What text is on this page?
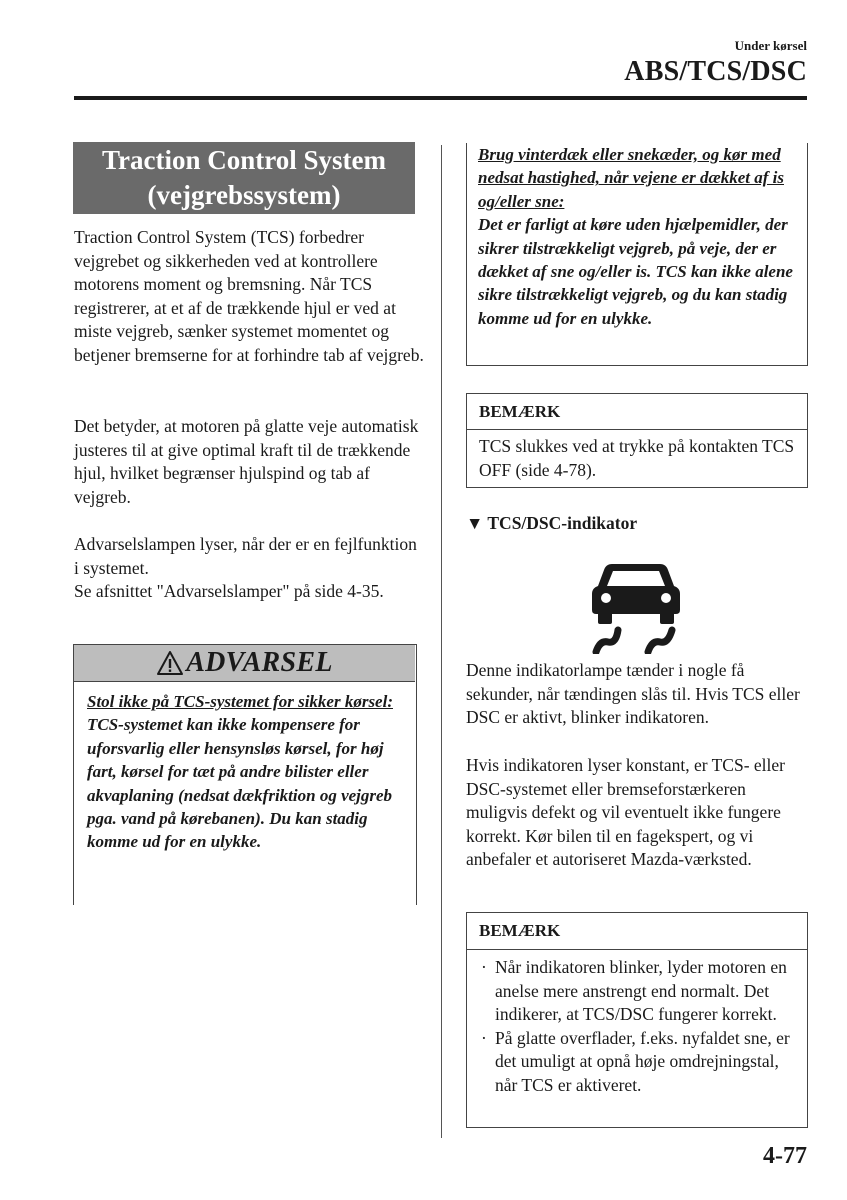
Under kørsel
ABS/TCS/DSC
Traction Control System
(vejgrebssystem)
Traction Control System (TCS) forbedrer vejgrebet og sikkerheden ved at kontrollere motorens moment og bremsning. Når TCS registrerer, at et af de trækkende hjul er ved at miste vejgreb, sænker systemet momentet og betjener bremserne for at forhindre tab af vejgreb.
Det betyder, at motoren på glatte veje automatisk justeres til at give optimal kraft til de trækkende hjul, hvilket begrænser hjulspind og tab af vejgreb.
Advarselslampen lyser, når der er en fejlfunktion i systemet.
Se afsnittet "Advarselslamper" på side 4-35.
ADVARSEL
Stol ikke på TCS-systemet for sikker kørsel:
TCS-systemet kan ikke kompensere for uforsvarlig eller hensynsløs kørsel, for høj fart, kørsel for tæt på andre bilister eller akvaplaning (nedsat dækfriktion og vejgreb pga. vand på kørebanen). Du kan stadig komme ud for en ulykke.
Brug vinterdæk eller snekæder, og kør med nedsat hastighed, når vejene er dækket af is og/eller sne:
Det er farligt at køre uden hjælpemidler, der sikrer tilstrækkeligt vejgreb, på veje, der er dækket af sne og/eller is. TCS kan ikke alene sikre tilstrækkeligt vejgreb, og du kan stadig komme ud for en ulykke.
BEMÆRK
TCS slukkes ved at trykke på kontakten TCS OFF (side 4-78).
▼ TCS/DSC-indikator
Denne indikatorlampe tænder i nogle få sekunder, når tændingen slås til. Hvis TCS eller DSC er aktivt, blinker indikatoren.
Hvis indikatoren lyser konstant, er TCS- eller DSC-systemet eller bremseforstærkeren muligvis defekt og vil eventuelt ikke fungere korrekt. Kør bilen til en fagekspert, og vi anbefaler et autoriseret Mazda-værksted.
BEMÆRK
· Når indikatoren blinker, lyder motoren en anelse mere anstrengt end normalt. Det indikerer, at TCS/DSC fungerer korrekt.
· På glatte overflader, f.eks. nyfaldet sne, er det umuligt at opnå høje omdrejningstal, når TCS er aktiveret.
4-77
